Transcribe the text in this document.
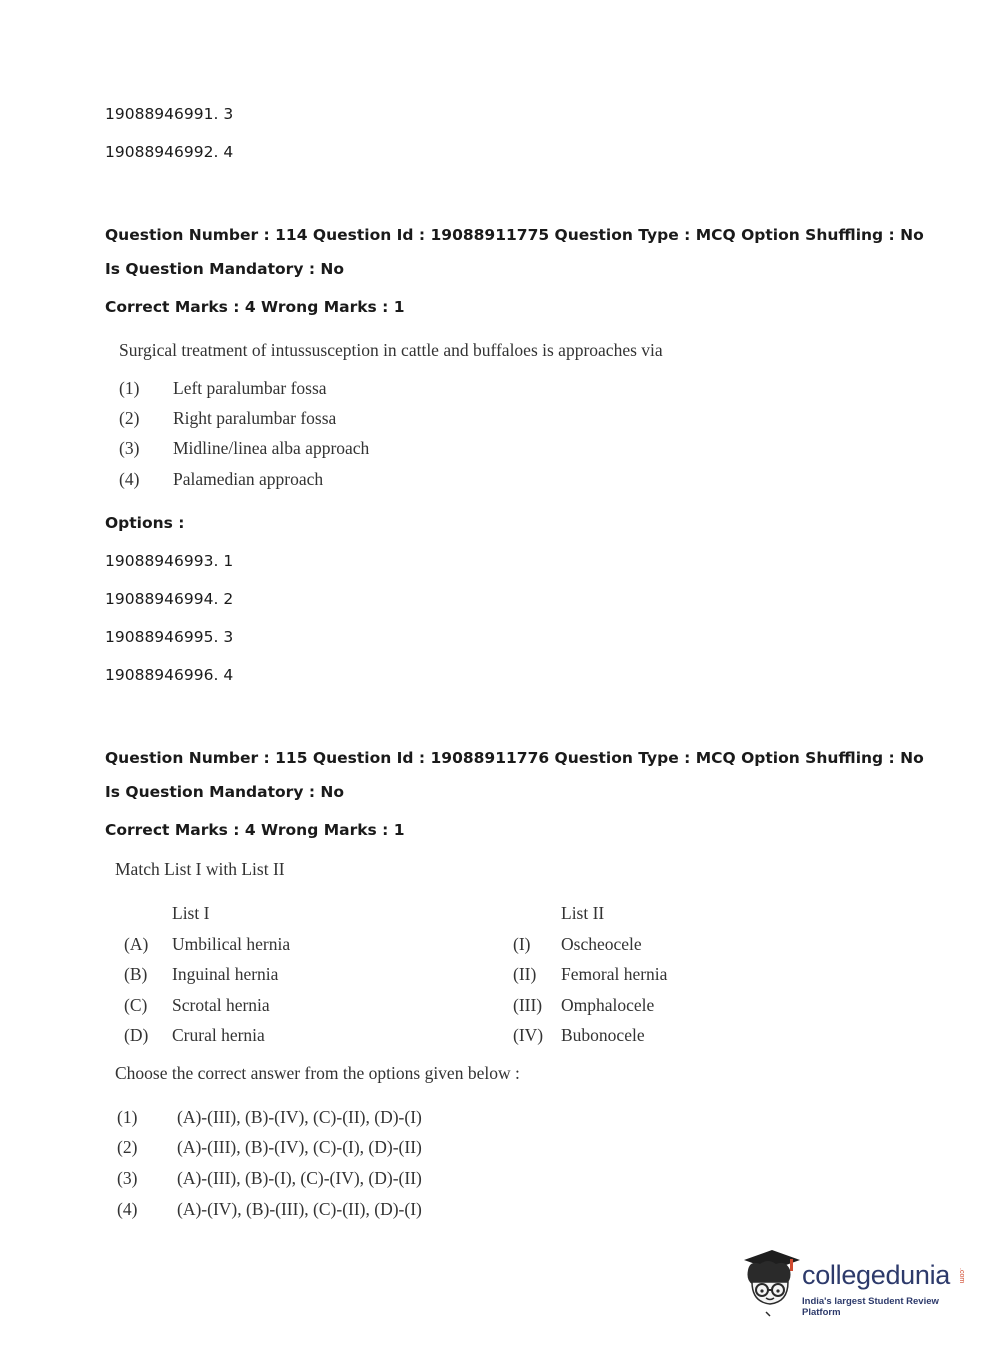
19088946991. 3
19088946992. 4
Question Number : 114 Question Id : 19088911775 Question Type : MCQ Option Shuffling : No
Is Question Mandatory : No
Correct Marks : 4 Wrong Marks : 1
Surgical treatment of intussusception in cattle and buffaloes is approaches via
(1) Left paralumbar fossa
(2) Right paralumbar fossa
(3) Midline/linea alba approach
(4) Palamedian approach
Options :
19088946993. 1
19088946994. 2
19088946995. 3
19088946996. 4
Question Number : 115 Question Id : 19088911776 Question Type : MCQ Option Shuffling : No
Is Question Mandatory : No
Correct Marks : 4 Wrong Marks : 1
Match List I with List II
List I	List II
(A) Umbilical hernia	(I) Oscheocele
(B) Inguinal hernia	(II) Femoral hernia
(C) Scrotal hernia	(III) Omphalocele
(D) Crural hernia	(IV) Bubonocele
Choose the correct answer from the options given below :
(1) (A)-(III), (B)-(IV), (C)-(II), (D)-(I)
(2) (A)-(III), (B)-(IV), (C)-(I), (D)-(II)
(3) (A)-(III), (B)-(I), (C)-(IV), (D)-(II)
(4) (A)-(IV), (B)-(III), (C)-(II), (D)-(I)
collegedunia .com
India's largest Student Review Platform
